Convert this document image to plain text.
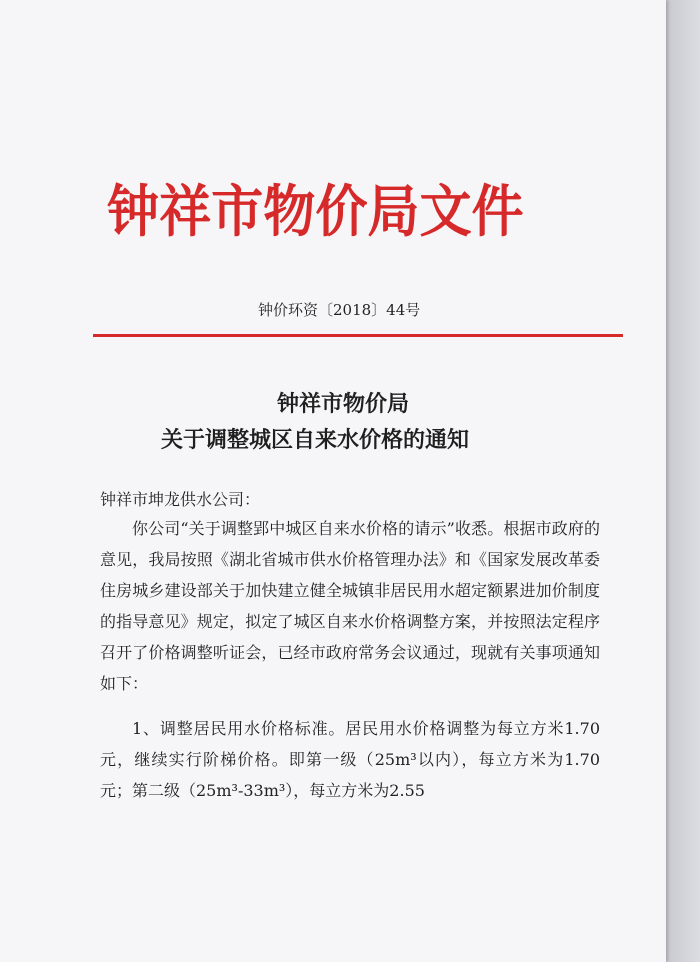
钟祥市物价局文件
钟价环资〔2018〕44号
钟祥市物价局
关于调整城区自来水价格的通知
钟祥市坤龙供水公司：

你公司“关于调整郢中城区自来水价格的请示”收悉。根据市政府的意见，我局按照《湖北省城市供水价格管理办法》和《国家发展改革委 住房城乡建设部关于加快建立健全城镇非居民用水超定额累进加价制度的指导意见》规定，拟定了城区自来水价格调整方案，并按照法定程序召开了价格调整听证会，已经市政府常务会议通过，现就有关事项通知如下：

1、调整居民用水价格标准。居民用水价格调整为每立方米1.70元，继续实行阶梯价格。即第一级（25m³以内），每立方米为1.70元；第二级（25m³-33m³），每立方米为2.55
